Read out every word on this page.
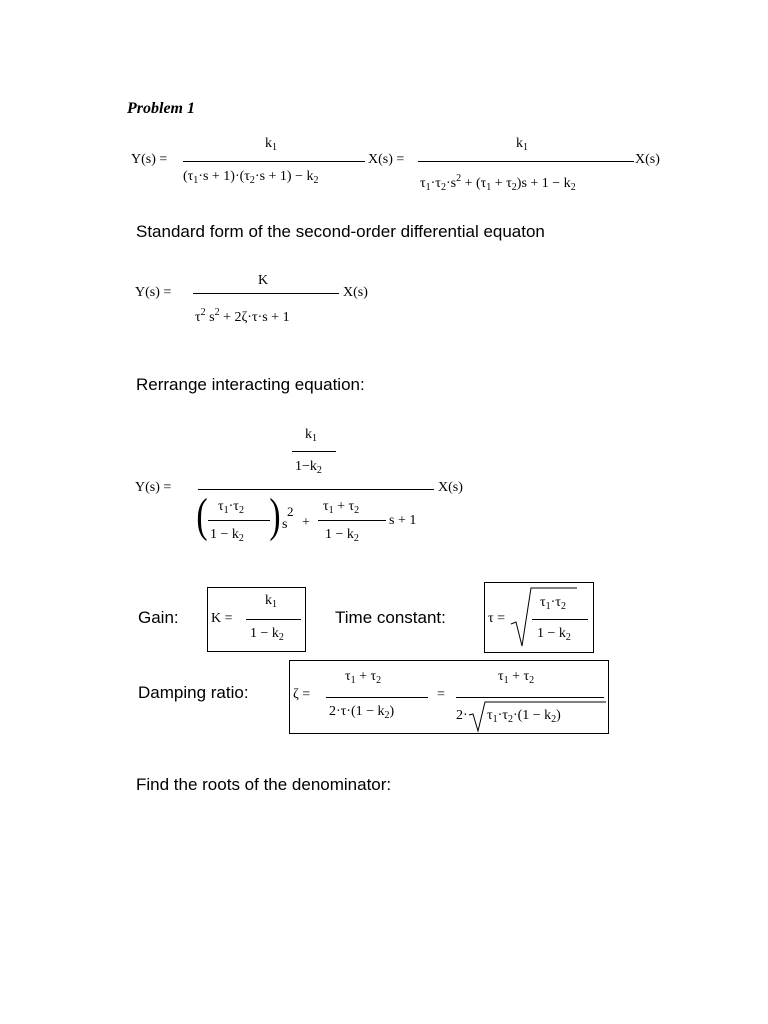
Problem 1
Y(s) =
$k_1$
$(\tau_1\cdot s + 1)\cdot(\tau_2\cdot s + 1) - k_2$
X(s) =
$k_1$
$\tau_1\cdot\tau_2\cdot s^2 + (\tau_1 + \tau_2)s + 1 - k_2$
X(s)
Standard form of the second-order differential equaton
Y(s) =
K
$\tau^2$ $s^2 + 2\zeta\cdot\tau\cdot s + 1$
X(s)
Rerrange interacting equation:
Y(s) =
$k_1$
$1-k_2$
X(s)
( $\tau_1\cdot\tau_2$
$1 - k_2$ ) 2
s +
$\tau_1 + \tau_2$
$1 - k_2$
s + 1
Gain: K =
$k_1$
$1 - k_2$
Time constant:	τ =
$\tau_1\cdot\tau_2$
$1 - k_2$
Damping ratio:	ζ =
$\tau_1 + \tau_2$
$2\cdot\tau\cdot(1 - k_2)$
=
$\tau_1 + \tau_2$
$2\cdot \tau_1\cdot\tau_2\cdot(1 - k_2)$
Find the roots of the denominator:
